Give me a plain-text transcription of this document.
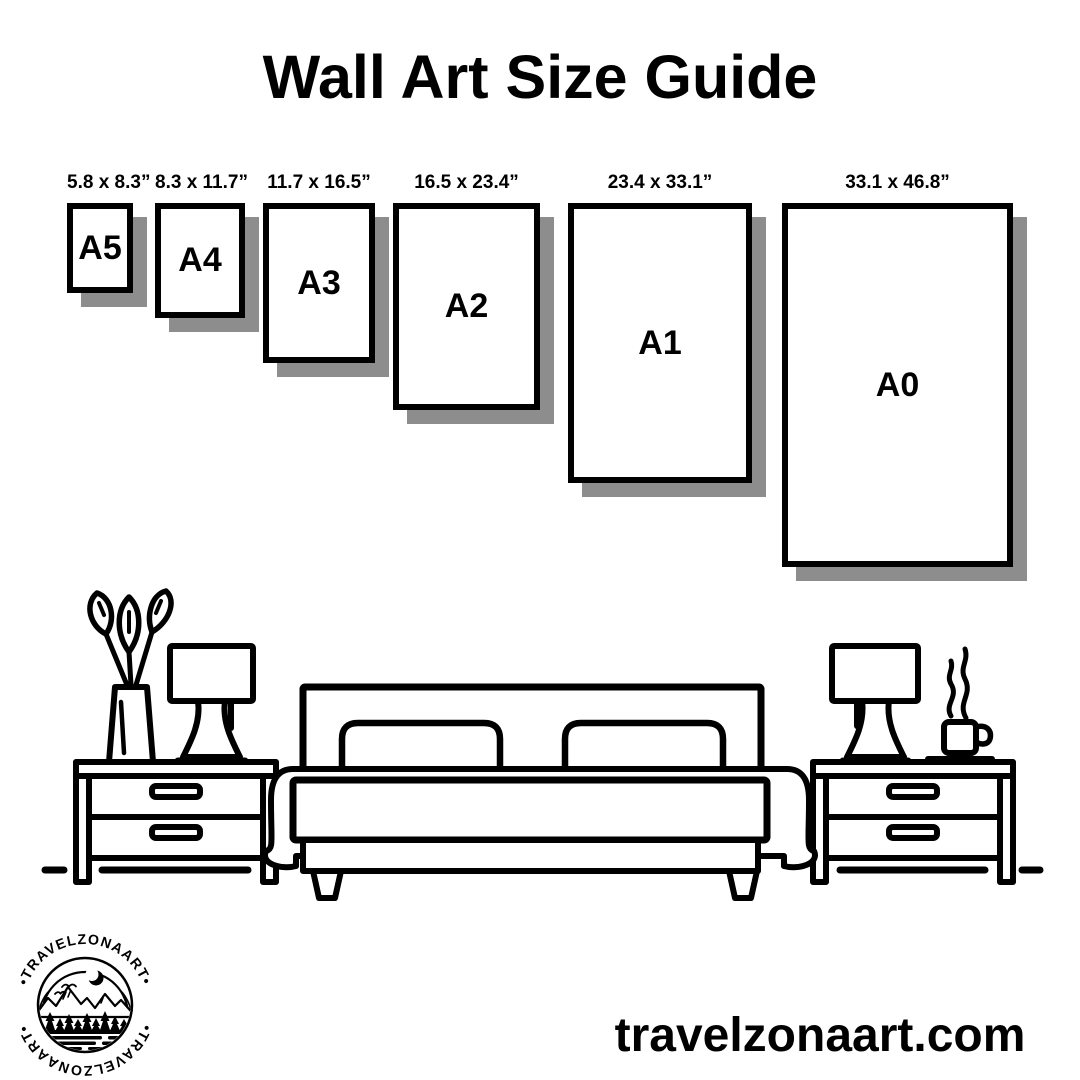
Wall Art Size Guide
5.8 x 8.3”
A5
8.3 x 11.7”
A4
11.7 x 16.5”
A3
16.5 x 23.4”
A2
23.4 x 33.1”
A1
33.1 x 46.8”
A0
•TRAVELZONAART•
•TRAVELZONAART•	travelzonaart.com
